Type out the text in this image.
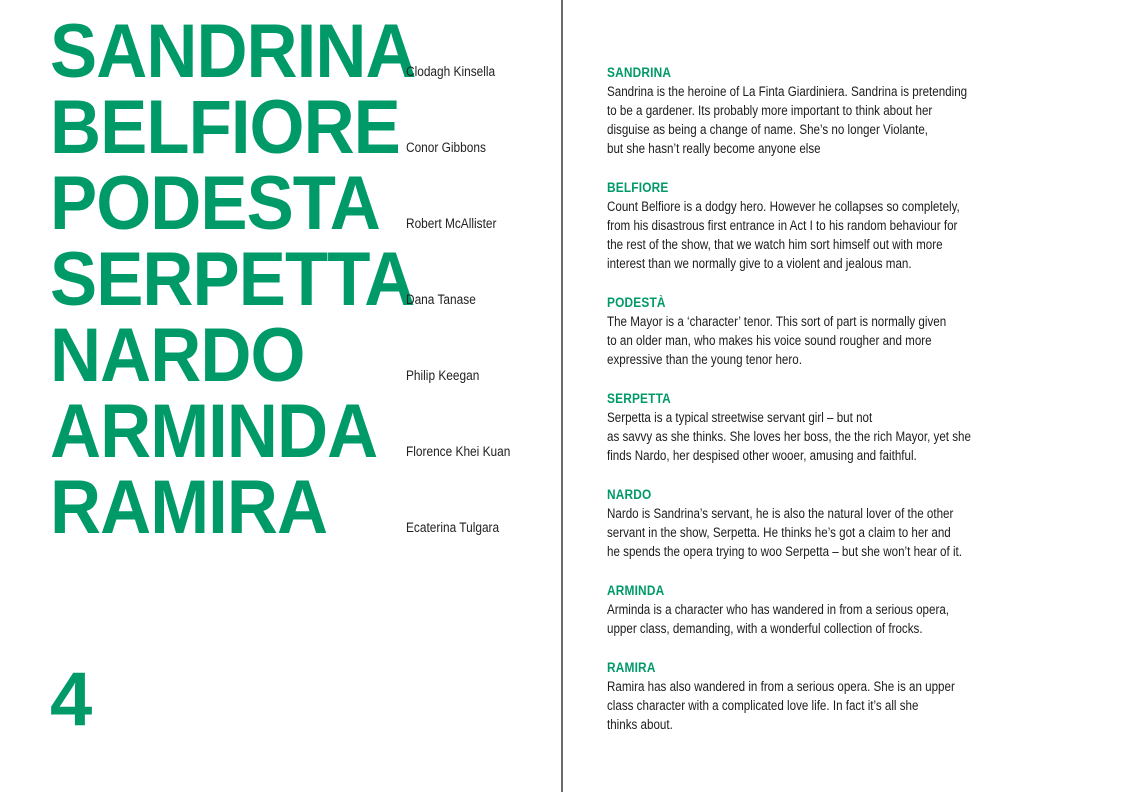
SANDRINA
BELFIORE
PODESTA
SERPETTA
NARDO
ARMINDA
RAMIRA
Clodagh Kinsella
Conor Gibbons
Robert McAllister
Dana Tanase
Philip Keegan
Florence Khei Kuan
Ecaterina Tulgara
4
SANDRINA
Sandrina is the heroine of La Finta Giardiniera. Sandrina is pretending
to be a gardener. Its probably more important to think about her
disguise as being a change of name. She’s no longer Violante,
but she hasn’t really become anyone else
BELFIORE
Count Belfiore is a dodgy hero. However he collapses so completely,
from his disastrous first entrance in Act I to his random behaviour for
the rest of the show, that we watch him sort himself out with more
interest than we normally give to a violent and jealous man.
PODESTÀ
The Mayor is a ‘character’ tenor. This sort of part is normally given
to an older man, who makes his voice sound rougher and more
expressive than the young tenor hero.
SERPETTA
Serpetta is a typical streetwise servant girl – but not
as savvy as she thinks. She loves her boss, the the rich Mayor, yet she
finds Nardo, her despised other wooer, amusing and faithful.
NARDO
Nardo is Sandrina’s servant, he is also the natural lover of the other
servant in the show, Serpetta. He thinks he’s got a claim to her and
he spends the opera trying to woo Serpetta – but she won’t hear of it.
ARMINDA
Arminda is a character who has wandered in from a serious opera,
upper class, demanding, with a wonderful collection of frocks.
RAMIRA
Ramira has also wandered in from a serious opera. She is an upper
class character with a complicated love life. In fact it’s all she
thinks about.
